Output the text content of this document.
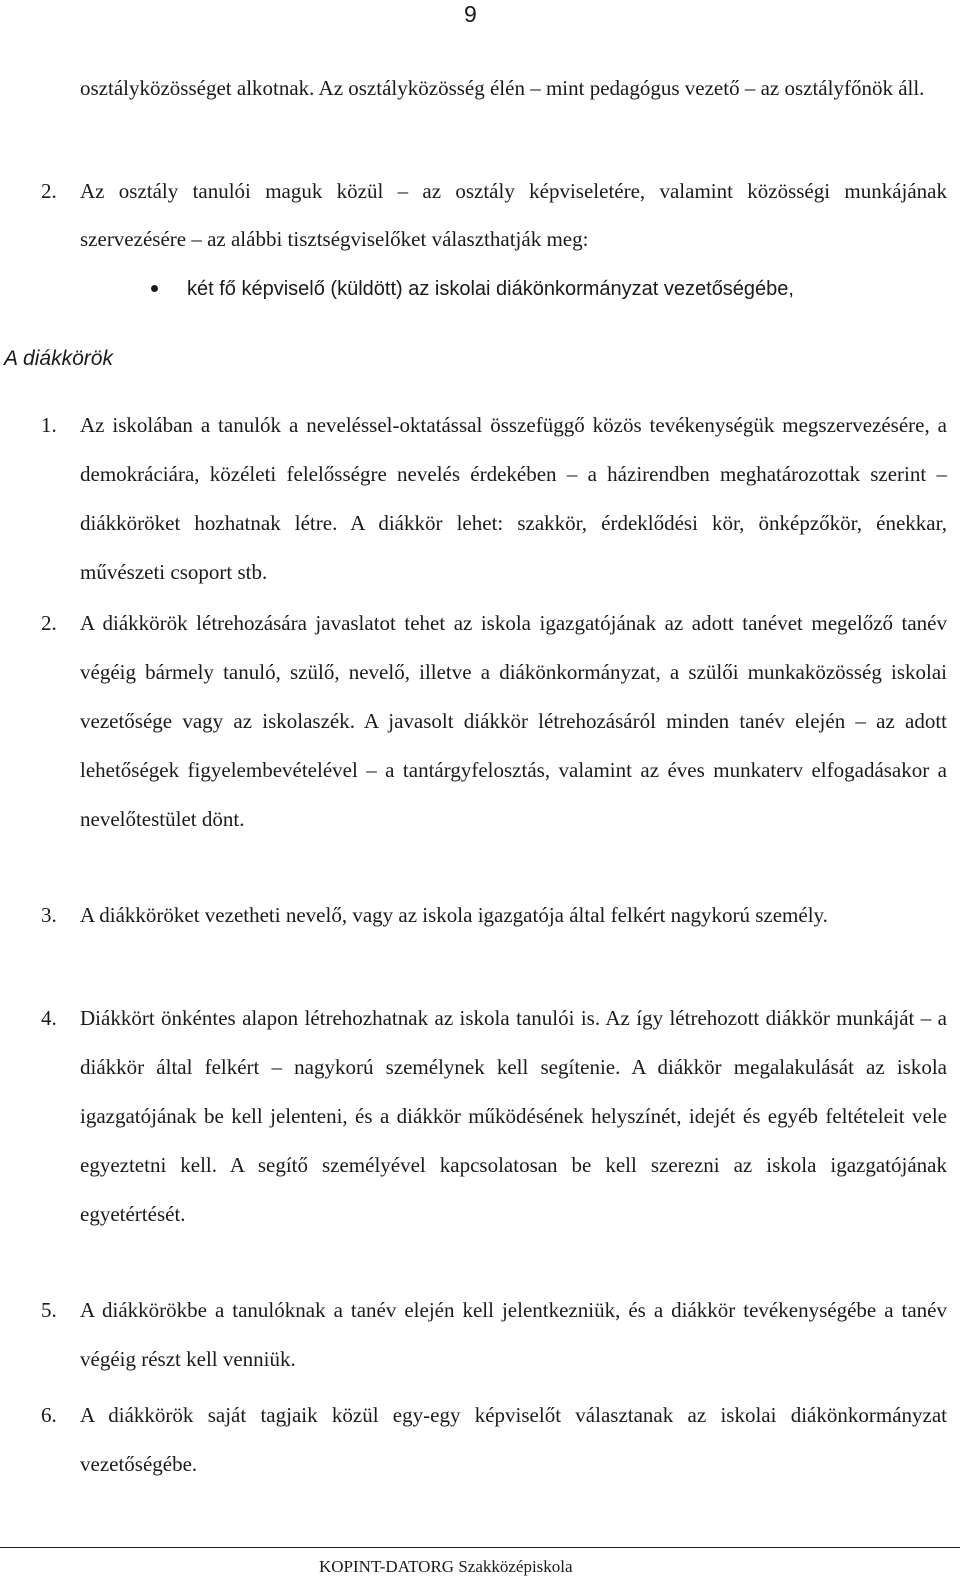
9
osztályközösséget alkotnak. Az osztályközösség élén – mint pedagógus vezető – az osztályfőnök áll.
2. Az osztály tanulói maguk közül – az osztály képviseletére, valamint közösségi munkájának szervezésére – az alábbi tisztségviselőket választhatják meg:
két fő képviselő (küldött) az iskolai diákönkormányzat vezetőségébe,
A diákkörök
1. Az iskolában a tanulók a neveléssel-oktatással összefüggő közös tevékenységük megszervezésére, a demokráciára, közéleti felelősségre nevelés érdekében – a házirendben meghatározottak szerint – diákköröket hozhatnak létre. A diákkör lehet: szakkör, érdeklődési kör, önképzőkör, énekkar, művészeti csoport stb.
2. A diákkörök létrehozására javaslatot tehet az iskola igazgatójának az adott tanévet megelőző tanév végéig bármely tanuló, szülő, nevelő, illetve a diákönkormányzat, a szülői munkaközösség iskolai vezetősége vagy az iskolaszék. A javasolt diákkör létrehozásáról minden tanév elején – az adott lehetőségek figyelembevételével – a tantárgyfelosztás, valamint az éves munkaterv elfogadásakor a nevelőtestület dönt.
3. A diákköröket vezetheti nevelő, vagy az iskola igazgatója által felkért nagykorú személy.
4. Diákkört önkéntes alapon létrehozhatnak az iskola tanulói is. Az így létrehozott diákkör munkáját – a diákkör által felkért – nagykorú személynek kell segítenie. A diákkör megalakulását az iskola igazgatójának be kell jelenteni, és a diákkör működésének helyszínét, idejét és egyéb feltételeit vele egyeztetni kell. A segítő személyével kapcsolatosan be kell szerezni az iskola igazgatójának egyetértését.
5. A diákkörökbe a tanulóknak a tanév elején kell jelentkezniük, és a diákkör tevékenységébe a tanév végéig részt kell venniük.
6. A diákkörök saját tagjaik közül egy-egy képviselőt választanak az iskolai diákönkormányzat vezetőségébe.
KOPINT-DATORG Szakközépiskola
